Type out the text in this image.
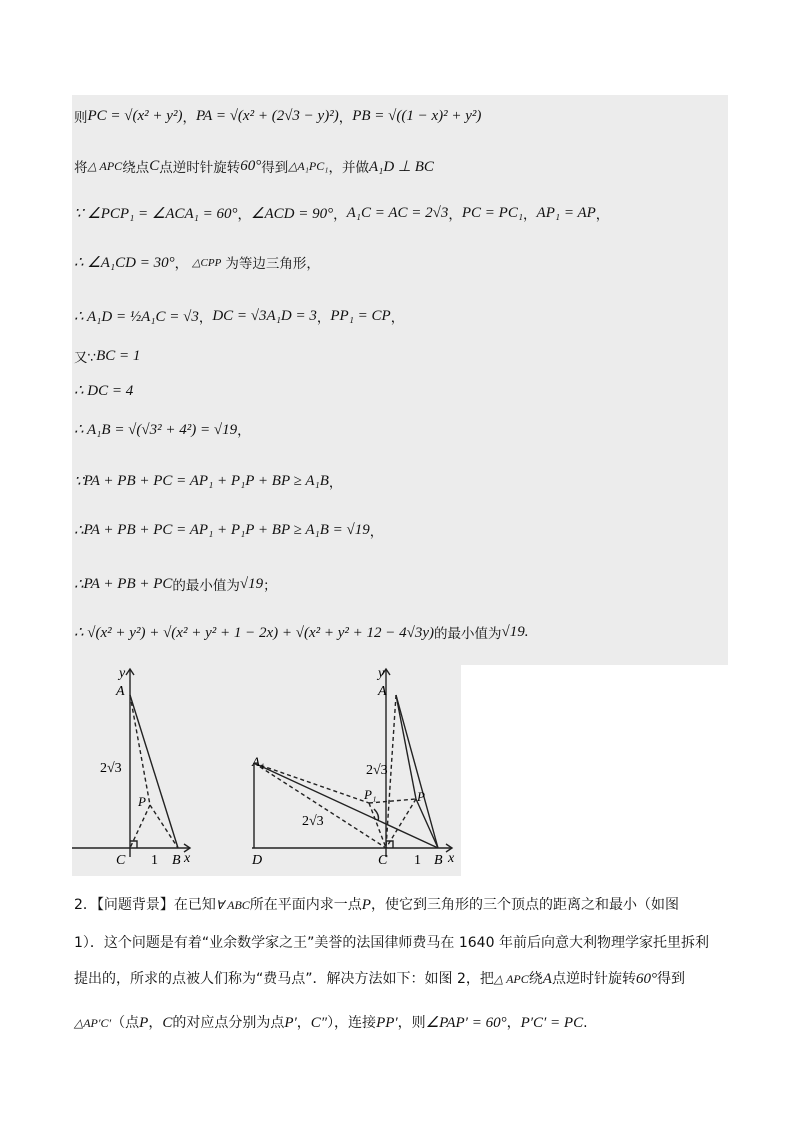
则 PC = √(x² + y²) ， PA = √(x² + (2√3 − y)²) ， PB = √((1 − x)² + y²)
将 △ APC 绕点 C 点逆时针旋转 60° 得到 △A₁PC₁ ，并做 A₁D ⊥ BC
∵ ∠PCP₁ = ∠ACA₁ = 60° ， ∠ACD = 90° ， A₁C = AC = 2√3 ， PC = PC₁ ， AP₁ = AP ，
∴ ∠A₁CD = 30° ， △CPP 为等边三角形，
∴ A₁D = ½A₁C = √3 ， DC = √3A₁D = 3 ， PP₁ = CP ，
又∵ BC = 1
∴ DC = 4
∴ A₁B = √(√3² + 4²) = √19 ，
∵ PA + PB + PC = AP₁ + P₁P + BP ≥ A₁B ，
∴ PA + PB + PC = AP₁ + P₁P + BP ≥ A₁B = √19 ，
∴ PA + PB + PC 的最小值为 √19 ；
∴ √(x² + y²) + √(x² + y² + 1 − 2x) + √(x² + y² + 12 − 4√3y) 的最小值为 √19 .
y
A
2√3
P
C 1 B x
y
A
A₁
2√3
2√3
P₁	P
D	C 1 B x
2．【问题背景】在已知∀ ABC所在平面内求一点P，使它到三角形的三个顶点的距离之和最小（如图
1）．这个问题是有着“业余数学家之王”美誉的法国律师费马在 1640 年前后向意大利物理学家托里拆利
提出的，所求的点被人们称为“费马点”．解决方法如下：如图 2，把△ APC绕A点逆时针旋转60°得到
△AP′C′（点P，C的对应点分别为点P′，C″），连接PP′，则∠PAP′ = 60°，P′C′ = PC.
